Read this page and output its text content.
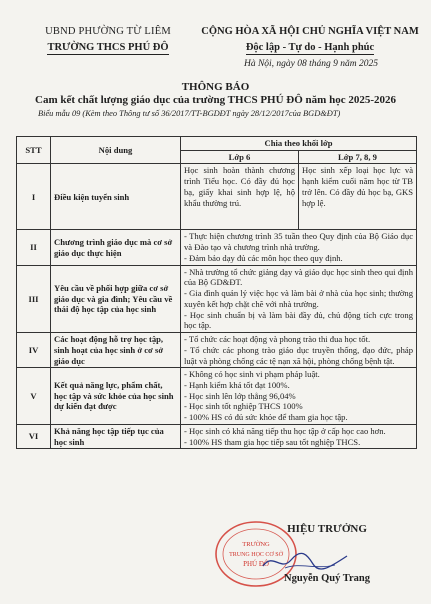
UBND PHƯỜNG TỪ LIÊM
TRƯỜNG THCS PHÚ ĐÔ
CỘNG HÒA XÃ HỘI CHỦ NGHĨA VIỆT NAM
Độc lập - Tự do - Hạnh phúc
Hà Nội, ngày 08 tháng 9 năm 2025
THÔNG BÁO
Cam kết chất lượng giáo dục của trường THCS PHÚ ĐÔ năm học 2025-2026
Biểu mẫu 09 (Kèm theo Thông tư số 36/2017/TT-BGDĐT ngày 28/12/2017của BGD&ĐT)
STT	Nội dung	Chia theo khối lớp	
		Lớp 6	Lớp 7, 8, 9
I	Điều kiện tuyển sinh	Học sinh hoàn thành chương trình Tiểu học. Có đầy đủ học bạ, giấy khai sinh hợp lệ, hộ khẩu thường trú.	Học sinh xếp loại học lực và hạnh kiểm cuối năm học từ TB trở lên. Có đầy đủ học bạ, GKS hợp lệ.
II	Chương trình giáo dục mà cơ sở giáo dục thực hiện	- Thực hiện chương trình 35 tuần theo Quy định của Bộ Giáo dục và Đào tạo và chương trình nhà trường.
- Đảm bảo dạy đủ các môn học theo quy định.	

III	Yêu cầu về phối hợp giữa cơ sở giáo dục và gia đình; Yêu cầu về thái độ học tập của học sinh	- Nhà trường tổ chức giảng dạy và giáo dục học sinh theo qui định của Bộ GD&ĐT.
- Gia đình quản lý việc học và làm bài ở nhà của học sinh; thường xuyên kết hợp chặt chẽ với nhà trường.
- Học sinh chuẩn bị và làm bài đầy đủ, chủ động tích cực trong học tập.	

IV	Các hoạt động hỗ trợ học tập, sinh hoạt của học sinh ở cơ sở giáo dục	- Tổ chức các hoạt động và phong trào thi đua học tốt.
- Tổ chức các phong trào giáo dục truyền thống, đạo đức, pháp luật và phòng chống các tệ nạn xã hội, phòng chống bệnh tật.	

V	Kết quả năng lực, phẩm chất, học tập và sức khỏe của học sinh dự kiến đạt được	- Không có học sinh vi phạm pháp luật.
- Hạnh kiểm khá tốt đạt 100%.
- Học sinh lên lớp thẳng 96,04%
- Học sinh tốt nghiệp THCS 100%
- 100% HS có đủ sức khỏe để tham gia học tập.	

VI	Khả năng học tập tiếp tục của học sinh	- Học sinh có khả năng tiếp thu học tập ở cấp học cao hơn.
- 100% HS tham gia học tiếp sau tốt nghiệp THCS.	
TRƯỜNG
TRUNG HỌC CƠ SỞ
PHÚ ĐÔ
HIỆU TRƯỞNG
Nguyễn Quý Trang
